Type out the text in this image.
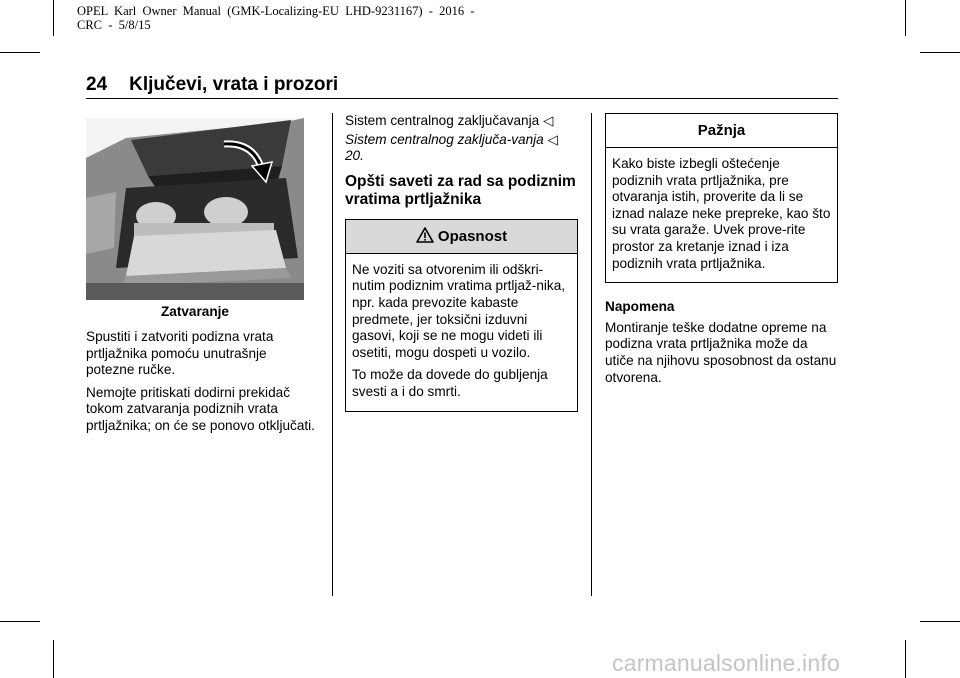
OPEL  Karl  Owner  Manual  (GMK-Localizing-EU  LHD-9231167)  -  2016  -
CRC  -  5/8/15
24 Ključevi, vrata i prozori
Zatvaranje

Spustiti i zatvoriti podizna vrata prtljažnika pomoću unutrašnje potezne ručke.

Nemojte pritiskati dodirni prekidač tokom zatvaranja podiznih vrata prtljažnika; on će se ponovo otključati.

Sistem centralnog zaključavanja ◁

Sistem centralnog zaključa-vanja ◁ 20.

Opšti saveti za rad sa podiznim vratima prtljažnika
Opasnost

Ne voziti sa otvorenim ili odškri-nutim podiznim vratima prtljaž-nika, npr. kada prevozite kabaste predmete, jer toksični izduvni gasovi, koji se ne mogu videti ili osetiti, mogu dospeti u vozilo.

To može da dovede do gubljenja svesti a i do smrti.

Pažnja

Kako biste izbegli oštećenje podiznih vrata prtljažnika, pre otvaranja istih, proverite da li se iznad nalaze neke prepreke, kao što su vrata garaže. Uvek prove-rite prostor za kretanje iznad i iza podiznih vrata prtljažnika.

Napomena

Montiranje teške dodatne opreme na podizna vrata prtljažnika može da utiče na njihovu sposobnost da ostanu otvorena.

carmanualsonline.info
